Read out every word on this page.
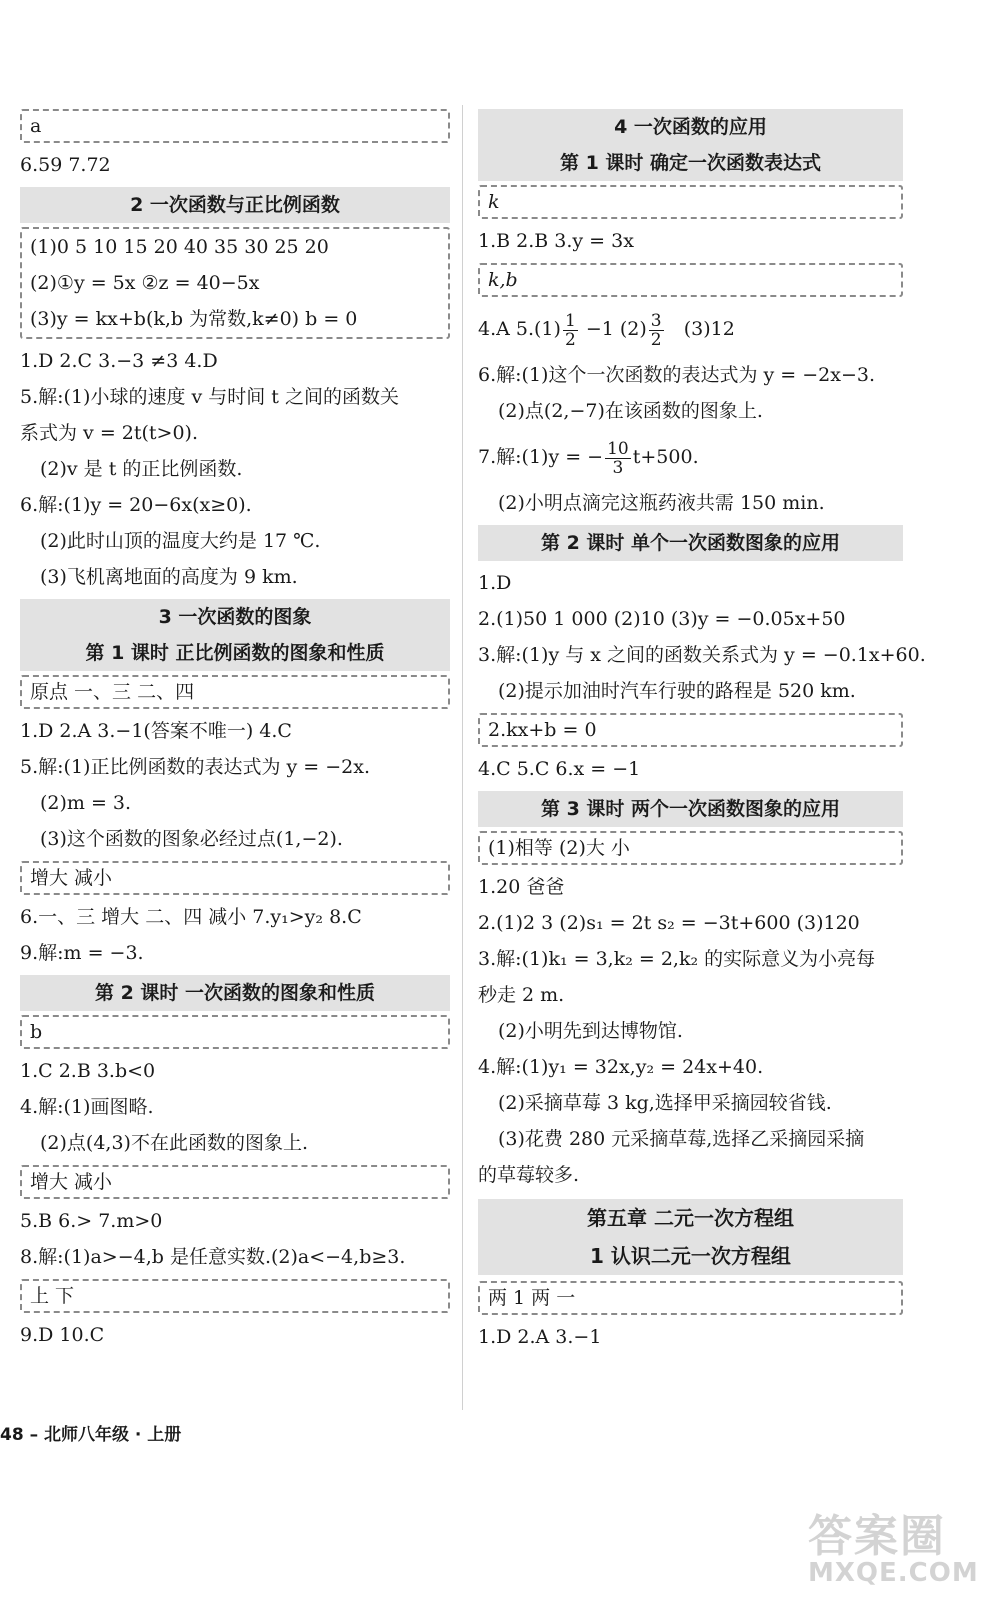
a
6.59 7.72
2 一次函数与正比例函数
(1)0 5 10 15 20 40 35 30 25 20
(2)①y = 5x ②z = 40−5x
(3)y = kx+b(k,b 为常数,k≠0) b = 0
1.D 2.C 3.−3 ≠3 4.D
5.解:(1)小球的速度 v 与时间 t 之间的函数关
系式为 v = 2t(t>0).
(2)v 是 t 的正比例函数.
6.解:(1)y = 20−6x(x≥0).
(2)此时山顶的温度大约是 17 ℃.
(3)飞机离地面的高度为 9 km.
3 一次函数的图象
第 1 课时 正比例函数的图象和性质
原点 一、三 二、四
1.D 2.A 3.−1(答案不唯一) 4.C
5.解:(1)正比例函数的表达式为 y = −2x.
(2)m = 3.
(3)这个函数的图象必经过点(1,−2).
增大 减小
6.一、三 增大 二、四 减小 7.y₁>y₂ 8.C
9.解:m = −3.
第 2 课时 一次函数的图象和性质
b
1.C 2.B 3.b<0
4.解:(1)画图略.
(2)点(4,3)不在此函数的图象上.
增大 减小
5.B 6.> 7.m>0
8.解:(1)a>−4,b 是任意实数.(2)a<−4,b≥3.
上 下
9.D 10.C
4 一次函数的应用
第 1 课时 确定一次函数表达式
k
1.B 2.B 3.y = 3x
k,b
4.A $5.(1) \frac{1}{2} -1$ $(2) \frac{3}{2} (3)12$
6.解:(1)这个一次函数的表达式为 y = −2x−3.
(2)点(2,−7)在该函数的图象上.
7.解:(1)y = − $\frac{10}{3} t+500$.
(2)小明点滴完这瓶药液共需 150 min.
第 2 课时 单个一次函数图象的应用
1.D
2.(1)50 1 000 (2)10 (3)y = −0.05x+50
3.解:(1)y 与 x 之间的函数关系式为 y = −0.1x+60.
(2)提示加油时汽车行驶的路程是 520 km.
2.kx+b = 0
4.C 5.C 6.x = −1
第 3 课时 两个一次函数图象的应用
(1)相等 (2)大 小
1.20 爸爸
2.(1)2 3 (2)s₁ = 2t s₂ = −3t+600 (3)120
3.解:(1)k₁ = 3,k₂ = 2,k₂ 的实际意义为小亮每
秒走 2 m.
(2)小明先到达博物馆.
4.解:(1)y₁ = 32x,y₂ = 24x+40.
(2)采摘草莓 3 kg,选择甲采摘园较省钱.
(3)花费 280 元采摘草莓,选择乙采摘园采摘
的草莓较多.
第五章 二元一次方程组
1 认识二元一次方程组
两 1 两 一
1.D 2.A 3.−1
48 – 北师八年级 · 上册
答案圈
MXQE.COM
